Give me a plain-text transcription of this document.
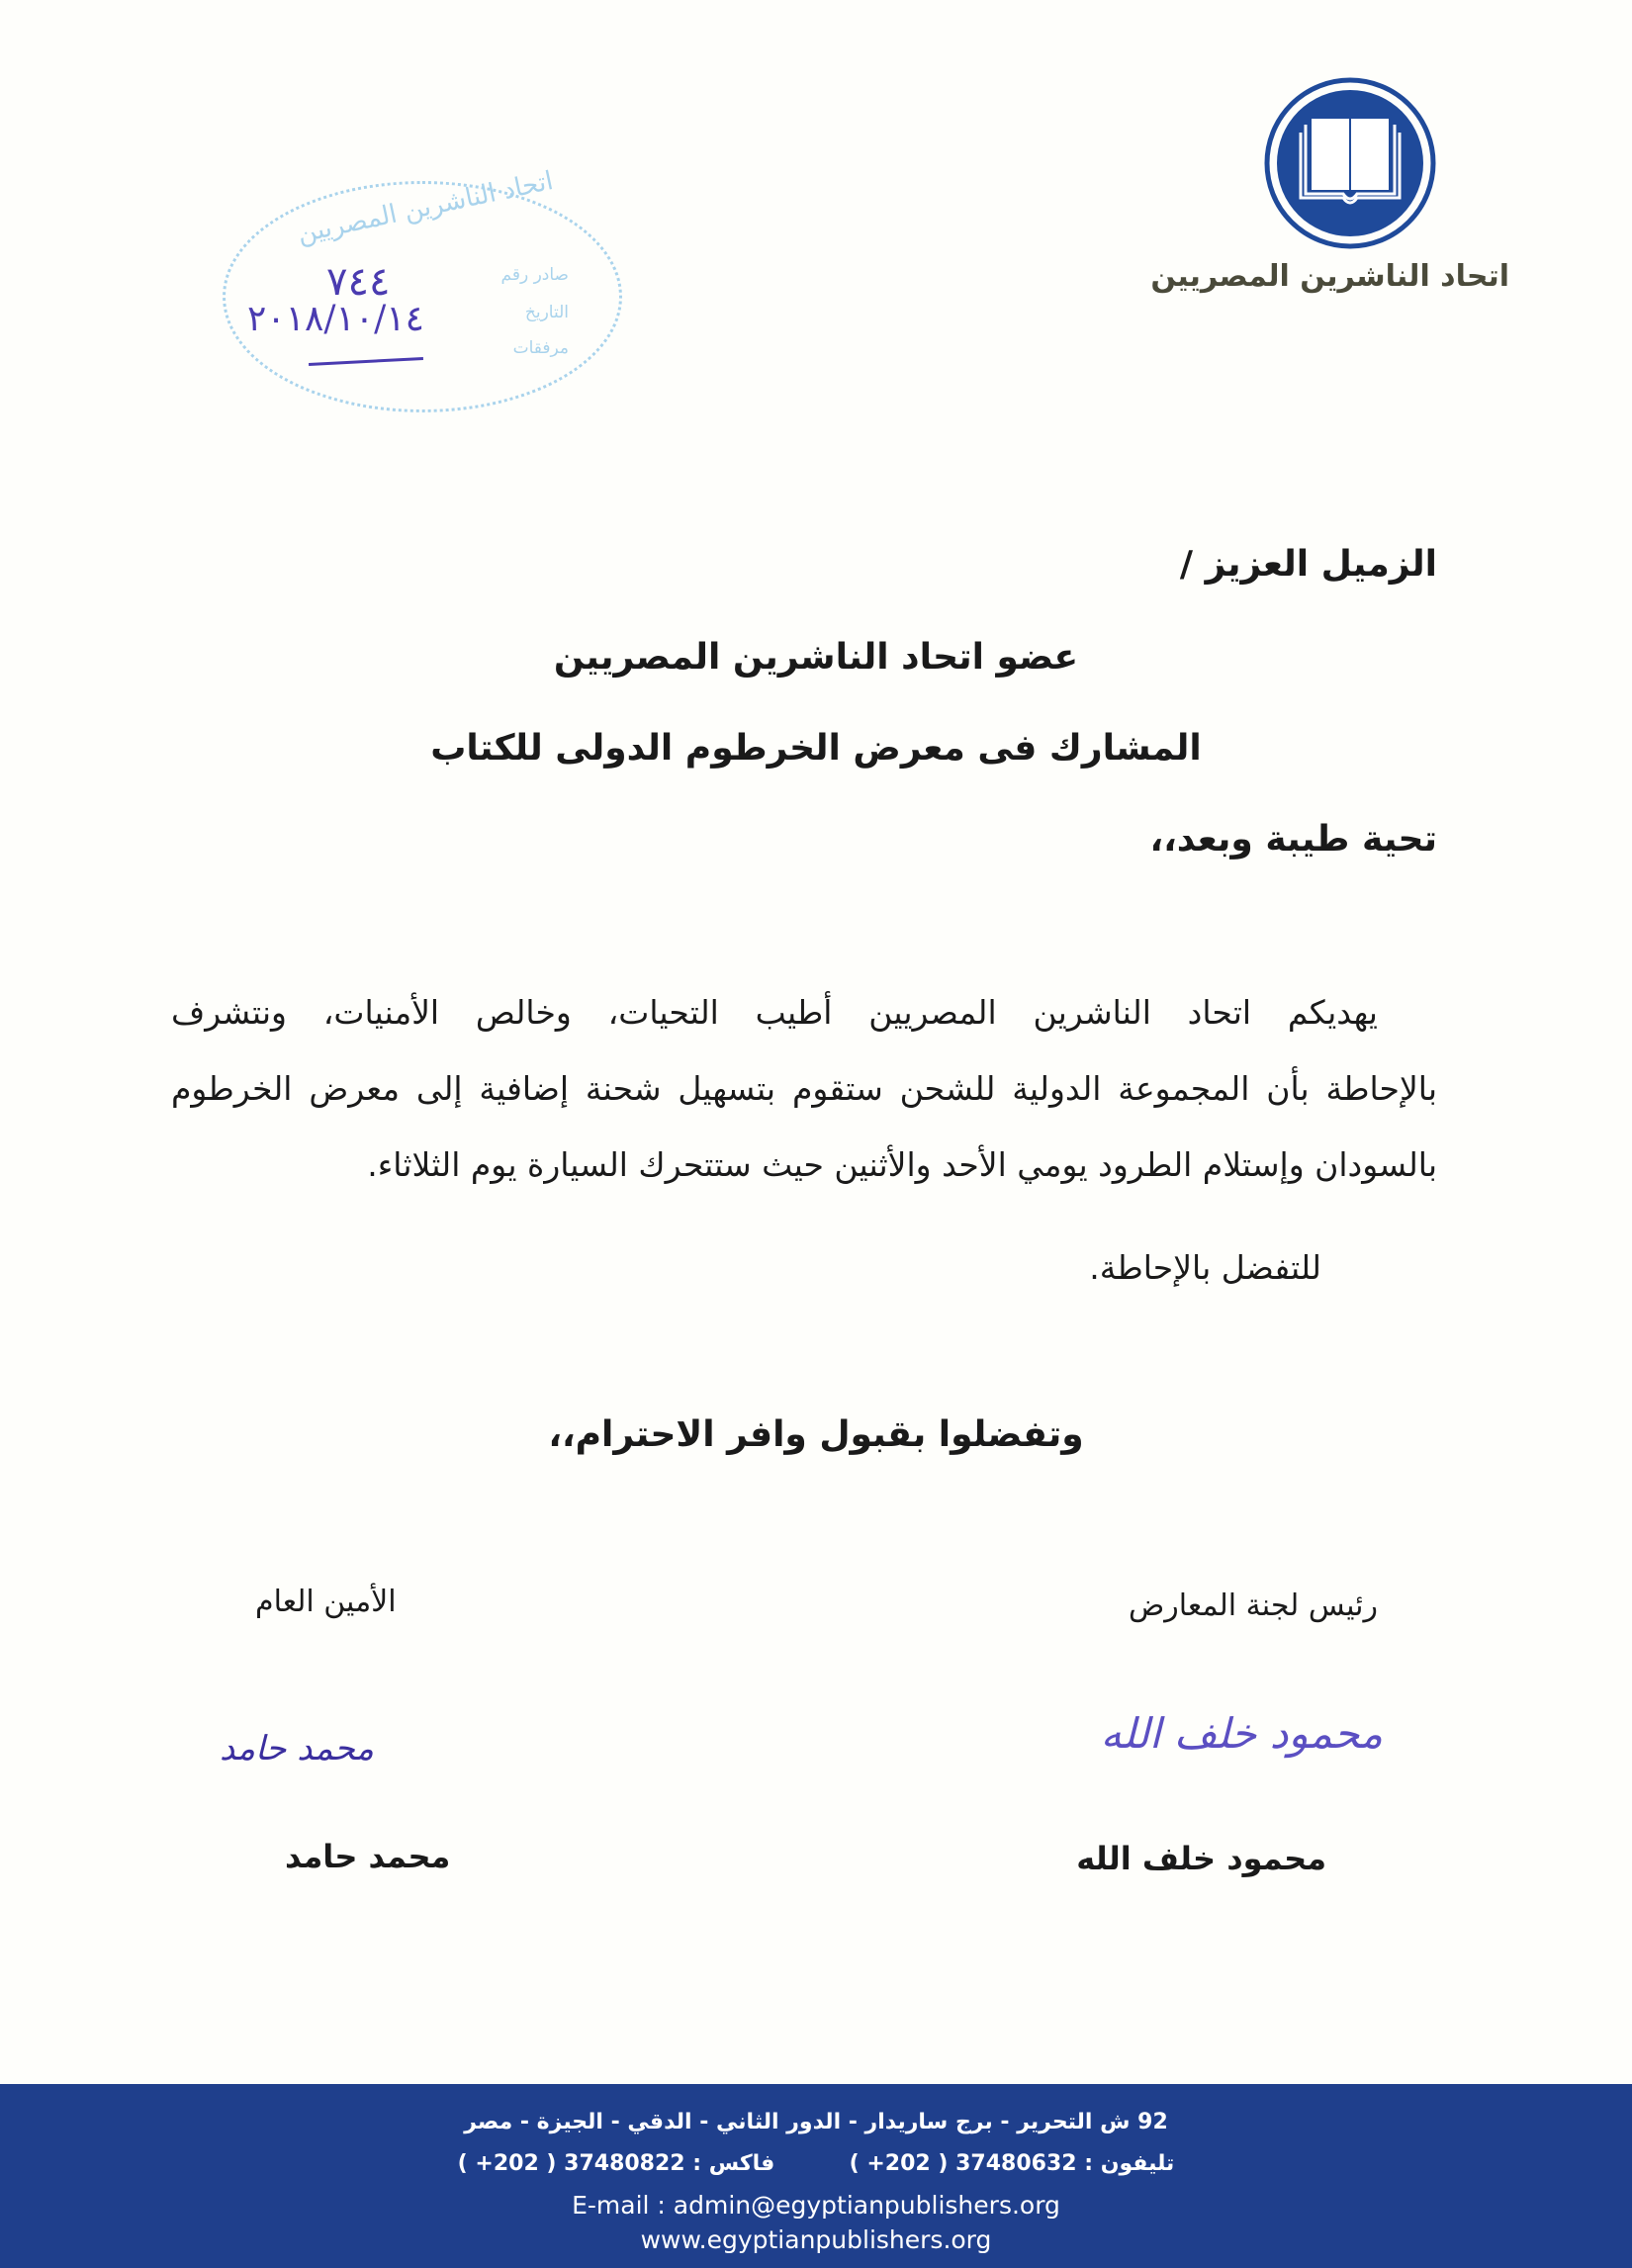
اتحاد الناشرين المصريين
اتحاد الناشرين المصريين
صادر رقم
التاريخ
مرفقات
٧٤٤
٢٠١٨/١٠/١٤
الزميل العزيز /
عضو اتحاد الناشرين المصريين
المشارك فى معرض الخرطوم الدولى للكتاب
تحية طيبة وبعد،،
يهديكم اتحاد الناشرين المصريين أطيب التحيات، وخالص الأمنيات، ونتشرف
بالإحاطة بأن المجموعة الدولية للشحن ستقوم بتسهيل شحنة إضافية إلى معرض الخرطوم
بالسودان وإستلام الطرود يومي الأحد والأثنين حيث ستتحرك السيارة يوم الثلاثاء.
للتفضل بالإحاطة.
وتفضلوا بقبول وافر الاحترام،،
رئيس لجنة المعارض
الأمين العام
محمود خلف الله
محمد حامد
محمود خلف الله
محمد حامد
92 ش التحرير - برج ساريدار - الدور الثاني - الدقي - الجيزة - مصر
تليفون : 37480632 ( 202+ )  فاكس : 37480822 ( 202+ )
E-mail : admin@egyptianpublishers.org
www.egyptianpublishers.org
